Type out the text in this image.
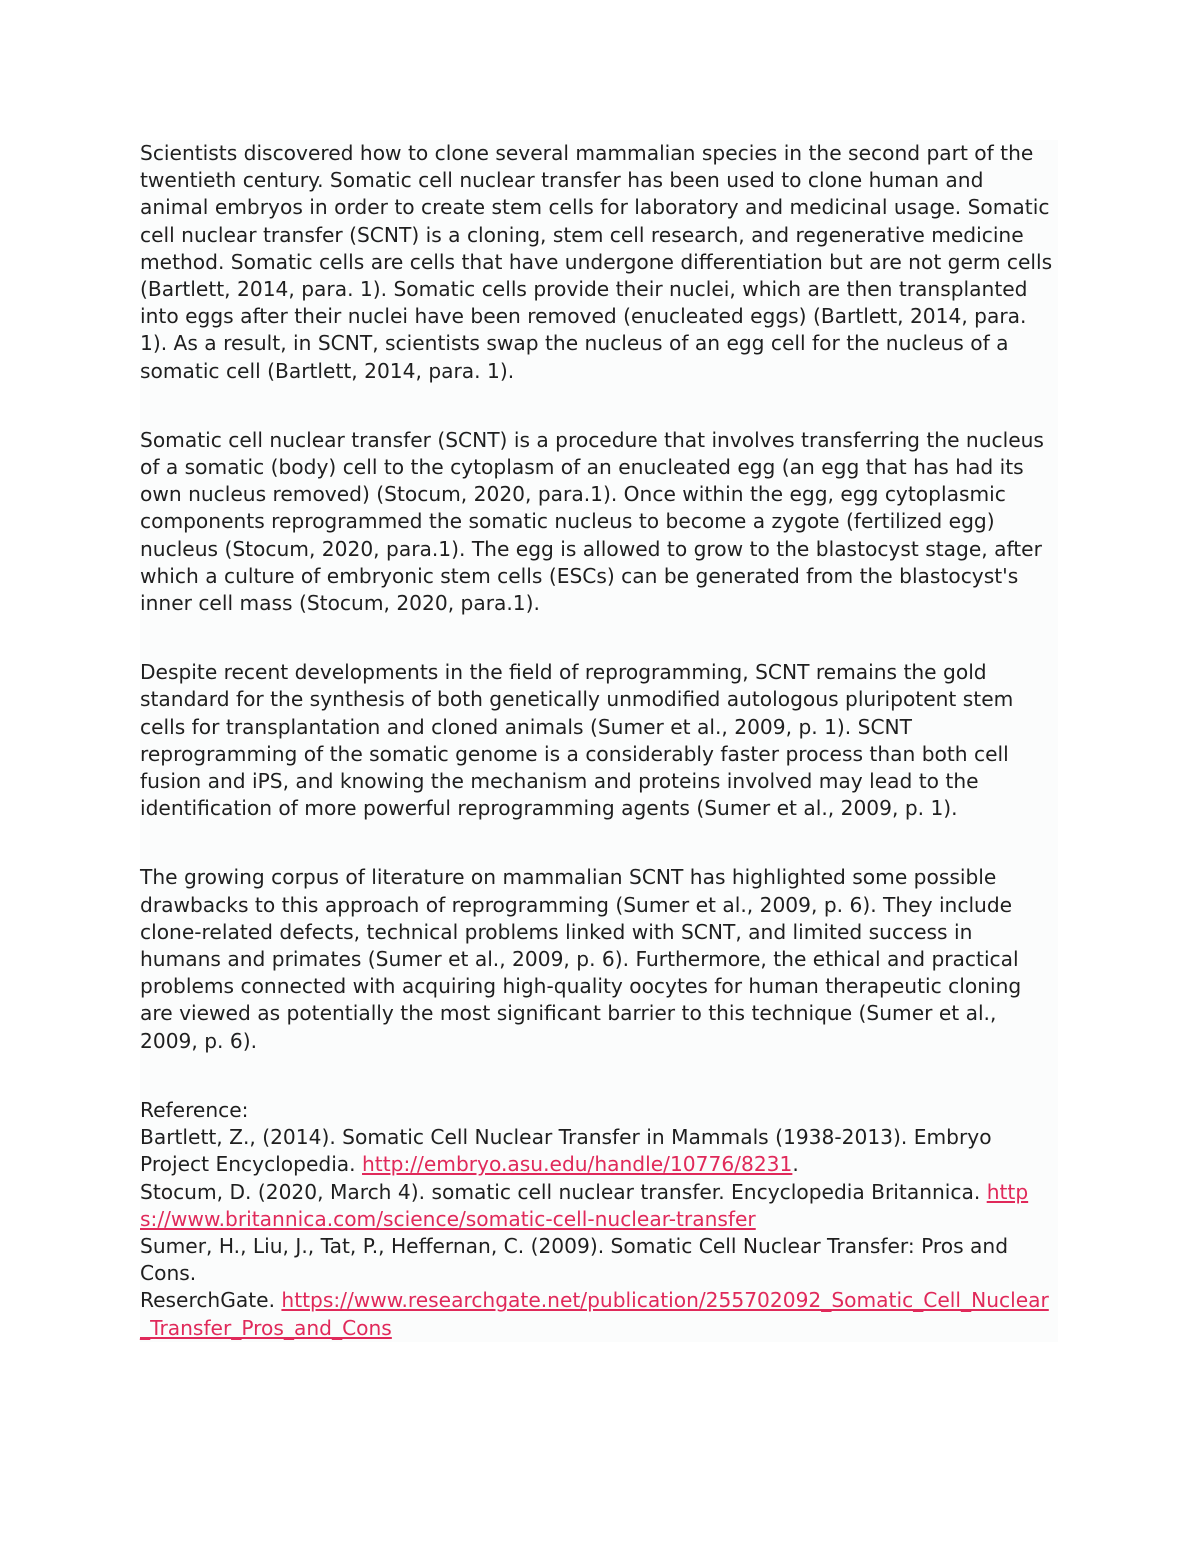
Scientists discovered how to clone several mammalian species in the second part of the twentieth century. Somatic cell nuclear transfer has been used to clone human and animal embryos in order to create stem cells for laboratory and medicinal usage. Somatic cell nuclear transfer (SCNT) is a cloning, stem cell research, and regenerative medicine method. Somatic cells are cells that have undergone differentiation but are not germ cells (Bartlett, 2014, para. 1). Somatic cells provide their nuclei, which are then transplanted into eggs after their nuclei have been removed (enucleated eggs) (Bartlett, 2014, para. 1). As a result, in SCNT, scientists swap the nucleus of an egg cell for the nucleus of a somatic cell (Bartlett, 2014, para. 1).

Somatic cell nuclear transfer (SCNT) is a procedure that involves transferring the nucleus of a somatic (body) cell to the cytoplasm of an enucleated egg (an egg that has had its own nucleus removed) (Stocum, 2020, para.1). Once within the egg, egg cytoplasmic components reprogrammed the somatic nucleus to become a zygote (fertilized egg) nucleus (Stocum, 2020, para.1). The egg is allowed to grow to the blastocyst stage, after which a culture of embryonic stem cells (ESCs) can be generated from the blastocyst's inner cell mass (Stocum, 2020, para.1).

Despite recent developments in the field of reprogramming, SCNT remains the gold standard for the synthesis of both genetically unmodified autologous pluripotent stem cells for transplantation and cloned animals (Sumer et al., 2009, p. 1). SCNT reprogramming of the somatic genome is a considerably faster process than both cell fusion and iPS, and knowing the mechanism and proteins involved may lead to the identification of more powerful reprogramming agents (Sumer et al., 2009, p. 1).

The growing corpus of literature on mammalian SCNT has highlighted some possible drawbacks to this approach of reprogramming (Sumer et al., 2009, p. 6). They include clone-related defects, technical problems linked with SCNT, and limited success in humans and primates (Sumer et al., 2009, p. 6). Furthermore, the ethical and practical problems connected with acquiring high-quality oocytes for human therapeutic cloning are viewed as potentially the most significant barrier to this technique (Sumer et al., 2009, p. 6).

Reference:
Bartlett, Z., (2014). Somatic Cell Nuclear Transfer in Mammals (1938-2013). Embryo Project Encyclopedia. http://embryo.asu.edu/handle/10776/8231.
Stocum, D. (2020, March 4). somatic cell nuclear transfer. Encyclopedia Britannica. https://www.britannica.com/science/somatic-cell-nuclear-transfer
Sumer, H., Liu, J., Tat, P., Heffernan, C. (2009). Somatic Cell Nuclear Transfer: Pros and Cons.
ReserchGate. https://www.researchgate.net/publication/255702092_Somatic_Cell_Nuclear_Transfer_Pros_and_Cons
